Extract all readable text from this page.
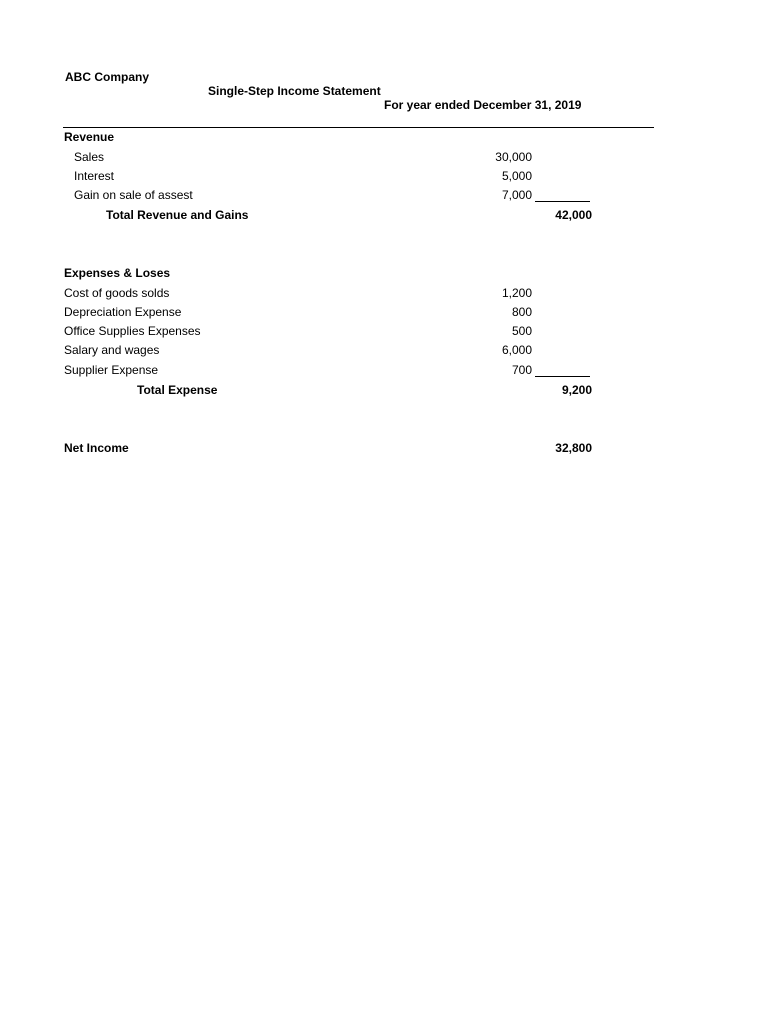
ABC Company
Single-Step Income Statement
For year ended December 31, 2019
Revenue
Sales	30,000
Interest	5,000
Gain on sale of assest	7,000
Total Revenue and Gains	42,000
Expenses & Loses
Cost of goods solds	1,200
Depreciation Expense	800
Office Supplies Expenses	500
Salary and wages	6,000
Supplier Expense	700
Total Expense	9,200
Net Income	32,800
